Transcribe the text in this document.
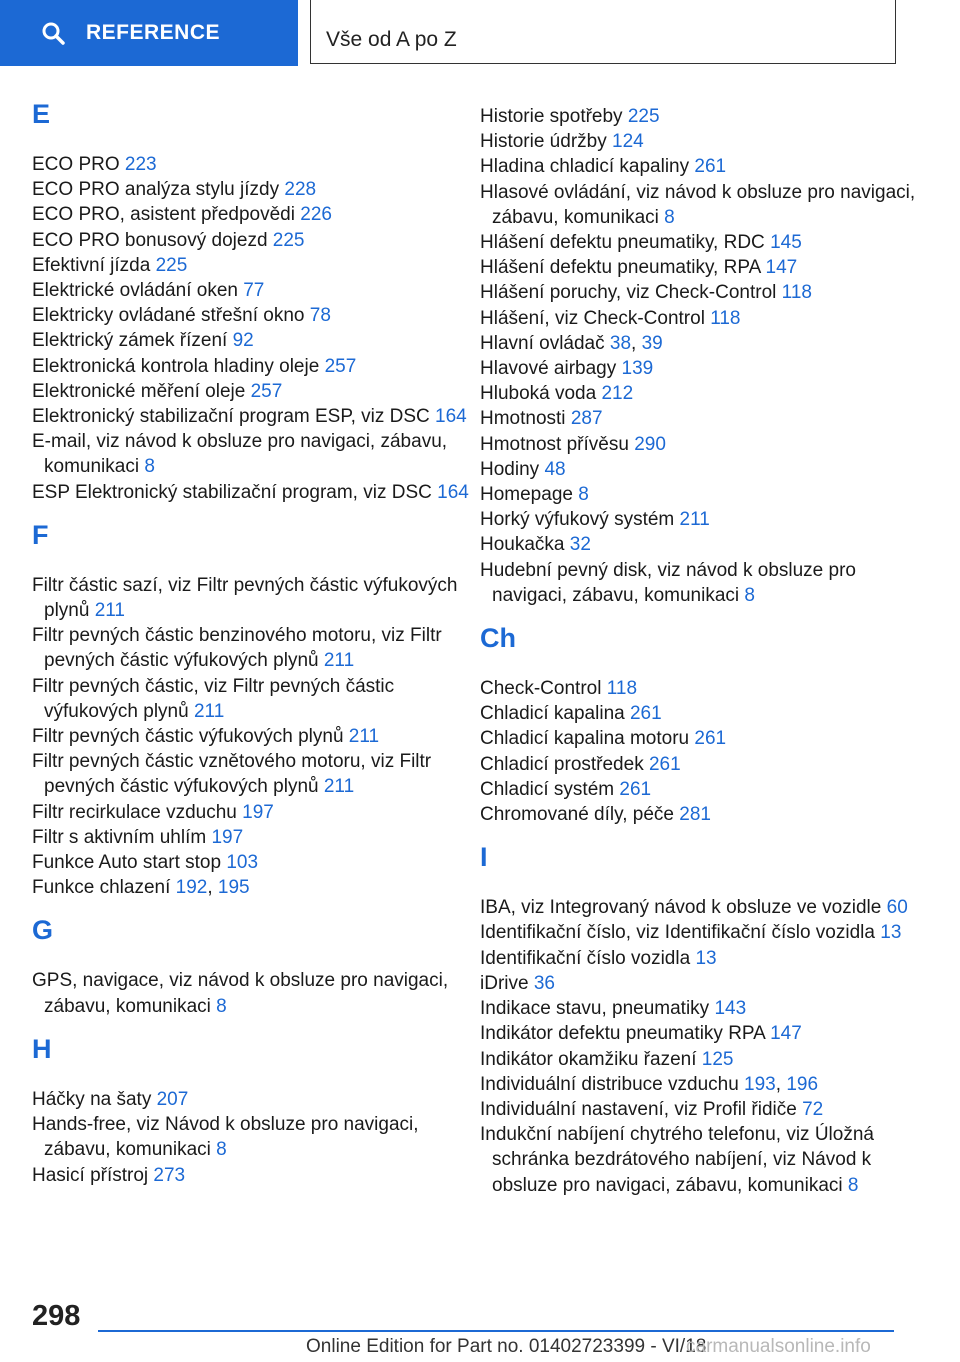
REFERENCE	Vše od A po Z
E

ECO PRO 223

ECO PRO analýza stylu jízdy 228

ECO PRO, asistent předpovědi 226

ECO PRO bonusový dojezd 225

Efektivní jízda 225

Elektrické ovládání oken 77

Elektricky ovládané střešní okno 78

Elektrický zámek řízení 92

Elektronická kontrola hladiny oleje 257

Elektronické měření oleje 257

Elektronický stabilizační program ESP, viz DSC 164

E-mail, viz návod k obsluze pro navigaci, zábavu, komunikaci 8

ESP Elektronický stabilizační program, viz DSC 164

F

Filtr částic sazí, viz Filtr pevných částic výfukových plynů 211

Filtr pevných částic benzinového motoru, viz Filtr pevných částic výfukových plynů 211

Filtr pevných částic, viz Filtr pevných částic výfukových plynů 211

Filtr pevných částic výfukových plynů 211

Filtr pevných částic vznětového motoru, viz Filtr pevných částic výfukových plynů 211

Filtr recirkulace vzduchu 197

Filtr s aktivním uhlím 197

Funkce Auto start stop 103

Funkce chlazení 192, 195

G

GPS, navigace, viz návod k obsluze pro navigaci, zábavu, komunikaci 8

H

Háčky na šaty 207

Hands-free, viz Návod k obsluze pro navigaci, zábavu, komunikaci 8

Hasicí přístroj 273

Historie spotřeby 225

Historie údržby 124

Hladina chladicí kapaliny 261

Hlasové ovládání, viz návod k obsluze pro navigaci, zábavu, komunikaci 8

Hlášení defektu pneumatiky, RDC 145

Hlášení defektu pneumatiky, RPA 147

Hlášení poruchy, viz Check-Control 118

Hlášení, viz Check-Control 118

Hlavní ovládač 38, 39

Hlavové airbagy 139

Hluboká voda 212

Hmotnosti 287

Hmotnost přívěsu 290

Hodiny 48

Homepage 8

Horký výfukový systém 211

Houkačka 32

Hudební pevný disk, viz návod k obsluze pro navigaci, zábavu, komunikaci 8

Ch

Check-Control 118

Chladicí kapalina 261

Chladicí kapalina motoru 261

Chladicí prostředek 261

Chladicí systém 261

Chromované díly, péče 281

I

IBA, viz Integrovaný návod k obsluze ve vozidle 60

Identifikační číslo, viz Identifikační číslo vozidla 13

Identifikační číslo vozidla 13

iDrive 36

Indikace stavu, pneumatiky 143

Indikátor defektu pneumatiky RPA 147

Indikátor okamžiku řazení 125

Individuální distribuce vzduchu 193, 196

Individuální nastavení, viz Profil řidiče 72

Indukční nabíjení chytrého telefonu, viz Úložná schránka bezdrátového nabíjení, viz Návod k obsluze pro navigaci, zábavu, komunikaci 8

298
Online Edition for Part no. 01402723399 - VI/18
carmanualsonline.info
